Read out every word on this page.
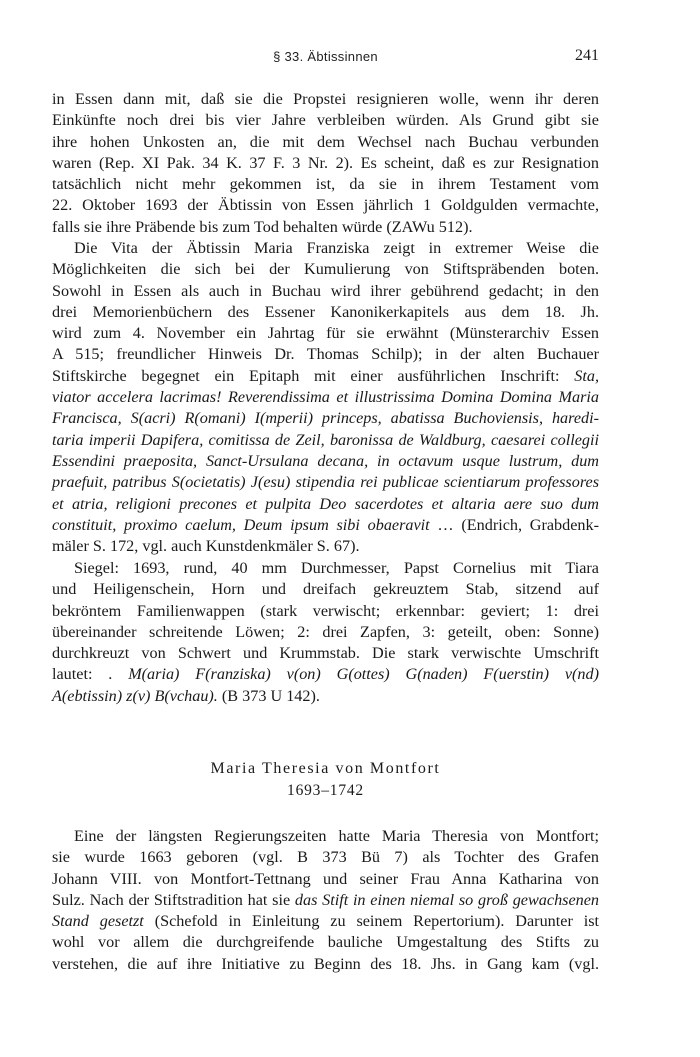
§ 33. Äbtissinnen	241
in Essen dann mit, daß sie die Propstei resignieren wolle, wenn ihr deren
Einkünfte noch drei bis vier Jahre verbleiben würden. Als Grund gibt sie
ihre hohen Unkosten an, die mit dem Wechsel nach Buchau verbunden
waren (Rep. XI Pak. 34 K. 37 F. 3 Nr. 2). Es scheint, daß es zur Resignation
tatsächlich nicht mehr gekommen ist, da sie in ihrem Testament vom
22. Oktober 1693 der Äbtissin von Essen jährlich 1 Goldgulden vermachte,
falls sie ihre Präbende bis zum Tod behalten würde (ZAWu 512).
Die Vita der Äbtissin Maria Franziska zeigt in extremer Weise die
Möglichkeiten die sich bei der Kumulierung von Stiftspräbenden boten.
Sowohl in Essen als auch in Buchau wird ihrer gebührend gedacht; in den
drei Memorienbüchern des Essener Kanonikerkapitels aus dem 18. Jh.
wird zum 4. November ein Jahrtag für sie erwähnt (Münsterarchiv Essen
A 515; freundlicher Hinweis Dr. Thomas Schilp); in der alten Buchauer
Stiftskirche begegnet ein Epitaph mit einer ausführlichen Inschrift: Sta,
viator accelera lacrimas! Reverendissima et illustrissima Domina Domina Maria
Francisca, S(acri) R(omani) I(mperii) princeps, abatissa Buchoviensis, haredi-
taria imperii Dapifera, comitissa de Zeil, baronissa de Waldburg, caesarei collegii
Essendini praeposita, Sanct-Ursulana decana, in octavum usque lustrum, dum
praefuit, patribus S(ocietatis) J(esu) stipendia rei publicae scientiarum professores
et atria, religioni precones et pulpita Deo sacerdotes et altaria aere suo dum
constituit, proximo caelum, Deum ipsum sibi obaeravit … (Endrich, Grabdenk-
mäler S. 172, vgl. auch Kunstdenkmäler S. 67).
Siegel: 1693, rund, 40 mm Durchmesser, Papst Cornelius mit Tiara
und Heiligenschein, Horn und dreifach gekreuztem Stab, sitzend auf
bekröntem Familienwappen (stark verwischt; erkennbar: geviert; 1: drei
übereinander schreitende Löwen; 2: drei Zapfen, 3: geteilt, oben: Sonne)
durchkreuzt von Schwert und Krummstab. Die stark verwischte Umschrift
lautet: . M(aria) F(ranziska) v(on) G(ottes) G(naden) F(uerstin) v(nd)
A(ebtissin) z(v) B(vchau). (B 373 U 142).
Maria Theresia von Montfort
1693–1742
Eine der längsten Regierungszeiten hatte Maria Theresia von Montfort;
sie wurde 1663 geboren (vgl. B 373 Bü 7) als Tochter des Grafen
Johann VIII. von Montfort-Tettnang und seiner Frau Anna Katharina von
Sulz. Nach der Stiftstradition hat sie das Stift in einen niemal so groß gewachsenen
Stand gesetzt (Schefold in Einleitung zu seinem Repertorium). Darunter ist
wohl vor allem die durchgreifende bauliche Umgestaltung des Stifts zu
verstehen, die auf ihre Initiative zu Beginn des 18. Jhs. in Gang kam (vgl.
